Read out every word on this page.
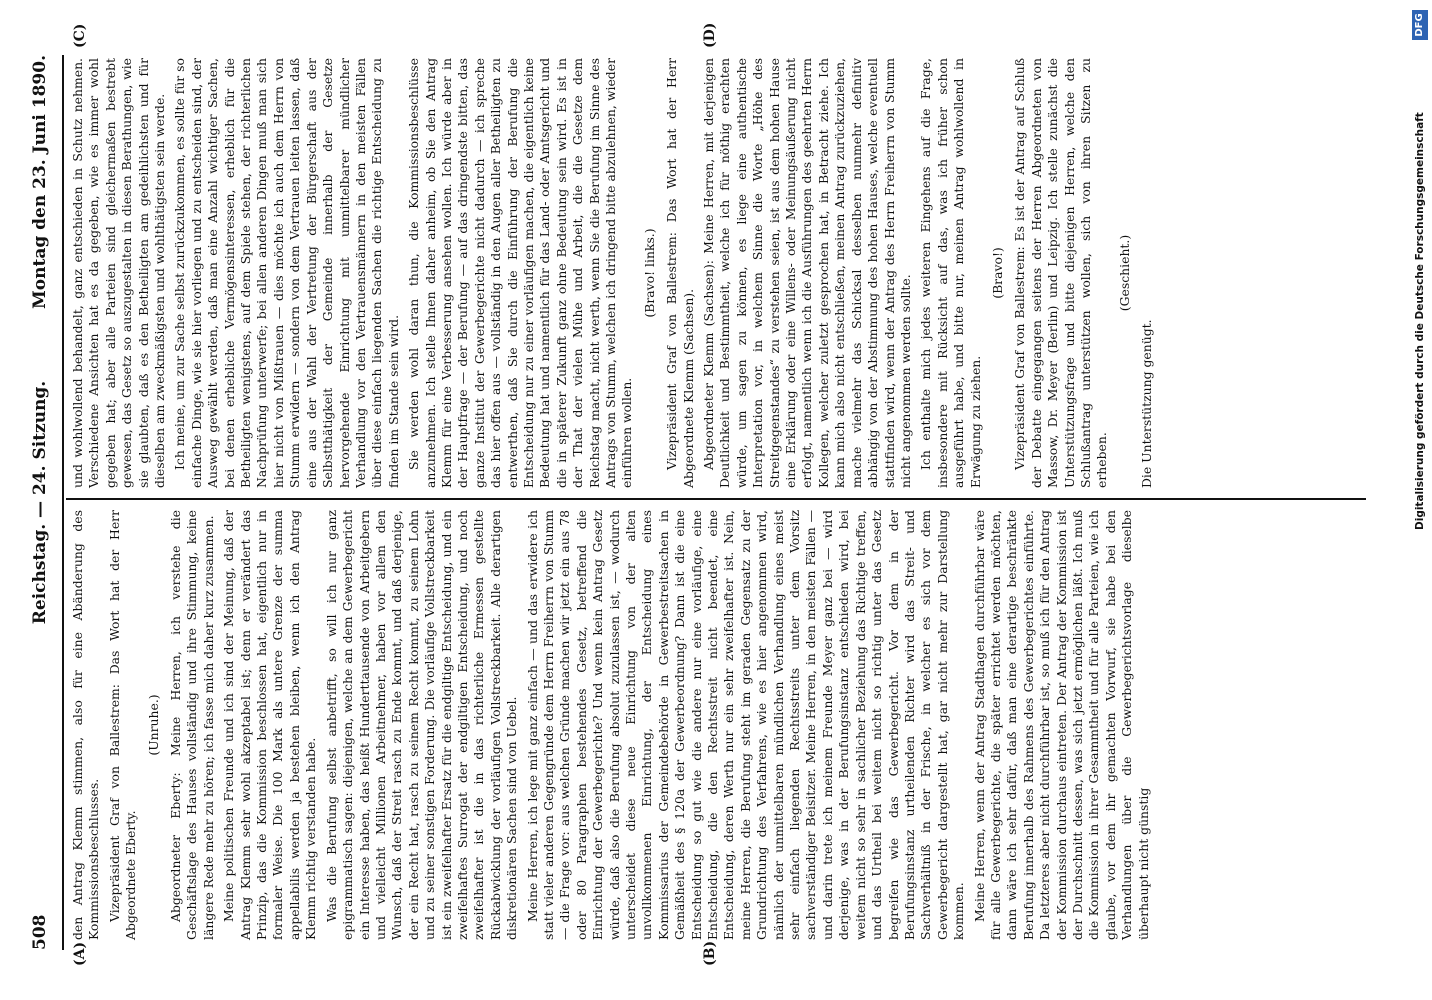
508
Reichstag. — 24. Sitzung.
Montag den 23. Juni 1890.
(A)	(B)
(C)	(D)

den Antrag Klemm stimmen, also für eine Abänderung des Kommissionsbeschlusses. Vizepräsident Graf von Ballestrem: Das Wort hat der Herr Abgeordnete Eberty.

(Unruhe.) Abgeordneter Eberty: Meine Herren, ich verstehe die Geschäftslage des Hauses vollständig und ihre Stimmung, keine längere Rede mehr zu hören; ich fasse mich daher kurz zusammen. Meine politischen Freunde und ich sind der Meinung, daß der Antrag Klemm sehr wohl akzeptabel ist; denn er verändert das Prinzip, das die Kommission beschlossen hat, eigentlich nur in formaler Weise. Die 100 Mark als untere Grenze der summa appellabilis werden ja bestehen bleiben, wenn ich den Antrag Klemm richtig verstanden habe. Was die Berufung selbst anbetrifft, so will ich nur ganz epigrammatisch sagen: diejenigen, welche an dem Gewerbegericht ein Interesse haben, das heißt Hunderttausende von Arbeitgebern und vielleicht Millionen Arbeitnehmer, haben vor allem den Wunsch, daß der Streit rasch zu Ende kommt, und daß derjenige, der ein Recht hat, rasch zu seinem Recht kommt, zu seinem Lohn und zu seiner sonstigen Forderung. Die vorläufige Vollstreckbarkeit ist ein zweifelhafter Ersatz für die endgiltige Entscheidung, und ein zweifelhaftes Surrogat der endgiltigen Entscheidung, und noch zweifelhafter ist die in das richterliche Ermessen gestellte Rückabwicklung der vorläufigen Vollstreckbarkeit. Alle derartigen diskretionären Sachen sind von Uebel. Meine Herren, ich lege mit ganz einfach — und das erwidere ich statt vieler anderen Gegengründe dem Herrn Freiherrn von Stumm — die Frage vor: aus welchen Gründe machen wir jetzt ein aus 78 oder 80 Paragraphen bestehendes Gesetz, betreffend die Einrichtung der Gewerbegerichte? Und wenn kein Antrag Gesetz würde, daß also die Berufung absolut zuzulassen ist, — wodurch unterscheidet diese neue Einrichtung von der alten unvollkommenen Einrichtung, der Entscheidung eines Kommissarius der Gemeindebehörde in Gewerbestreitsachen in Gemäßheit des § 120a der Gewerbeordnung? Dann ist die eine Entscheidung so gut wie die andere nur eine vorläufige, eine Entscheidung, die den Rechtsstreit nicht beendet, eine Entscheidung, deren Werth nur ein sehr zweifelhafter ist. Nein, meine Herren, die Berufung steht im geraden Gegensatz zu der Grundrichtung des Verfahrens, wie es hier angenommen wird, nämlich der unmittelbaren mündlichen Verhandlung eines meist sehr einfach liegenden Rechtsstreits unter dem Vorsitz sachverständiger Beisitzer. Meine Herren, in den meisten Fällen — und darin trete ich meinem Freunde Meyer ganz bei — wird derjenige, was in der Berufungsinstanz entschieden wird, bei weitem nicht so sehr in sachlicher Beziehung das Richtige treffen, und das Urtheil bei weitem nicht so richtig unter das Gesetz begreifen wie das Gewerbegericht. Vor dem in der Berufungsinstanz urtheilenden Richter wird das Streit- und Sachverhältniß in der Frische, in welcher es sich vor dem Gewerbegericht dargestellt hat, gar nicht mehr zur Darstellung kommen. Meine Herren, wenn der Antrag Stadthagen durchführbar wäre für alle Gewerbegerichte, die später errichtet werden möchten, dann wäre ich sehr dafür, daß man eine derartige beschränkte Berufung innerhalb des Rahmens des Gewerbegerichtes einführte. Da letzteres aber nicht durchführbar ist, so muß ich für den Antrag der Kommission durchaus eintreten. Der Antrag der Kommission ist der Durchschnitt dessen, was sich jetzt ermöglichen läßt. Ich muß die Kommission in ihrer Gesammtheit und für alle Parteien, wie ich glaube, vor dem ihr gemachten Vorwurf, sie habe bei den Verhandlungen über die Gewerbegerichtsvorlage dieselbe überhaupt nicht günstig

und wohlwollend behandelt, ganz entschieden in Schutz nehmen. Verschiedene Ansichten hat es da gegeben, wie es immer wohl gegeben hat; aber alle Parteien sind gleichermaßen bestrebt gewesen, das Gesetz so auszugestalten in diesen Berathungen, wie sie glaubten, daß es den Betheiligten am gedeihlichsten und für dieselben am zweckmäßigsten und wohlthätigsten sein werde. Ich meine, um zur Sache selbst zurückzukommen, es sollte für so einfache Dinge, wie sie hier vorliegen und zu entscheiden sind, der Ausweg gewählt werden, daß man eine Anzahl wichtiger Sachen, bei denen erhebliche Vermögensinteressen, erheblich für die Betheiligten wenigstens, auf dem Spiele stehen, der richterlichen Nachprüfung unterwerfe; bei allen anderen Dingen muß man sich hier nicht von Mißtrauen — dies möchte ich auch dem Herrn von Stumm erwidern — sondern von dem Vertrauen leiten lassen, daß eine aus der Wahl der Vertretung der Bürgerschaft aus der Selbstthätigkeit der Gemeinde innerhalb der Gesetze hervorgehende Einrichtung mit unmittelbarer mündlicher Verhandlung vor den Vertrauensmännern in den meisten Fällen über diese einfach liegenden Sachen die richtige Entscheidung zu finden im Stande sein wird. Sie werden wohl daran thun, die Kommissionsbeschlüsse anzunehmen. Ich stelle Ihnen daher anheim, ob Sie den Antrag Klemm für eine Verbesserung ansehen wollen. Ich würde aber in der Hauptfrage — der Berufung — auf das dringendste bitten, das ganze Institut der Gewerbegerichte nicht dadurch — ich spreche das hier offen aus — vollständig in den Augen aller Betheiligten zu entwerthen, daß Sie durch die Einführung der Berufung die Entscheidung nur zu einer vorläufigen machen, die eigentlich keine Bedeutung hat und namentlich für das Land- oder Amtsgericht und die in späterer Zukunft ganz ohne Bedeutung sein wird. Es ist in der That der vielen Mühe und Arbeit, die die Gesetze dem Reichstag macht, nicht werth, wenn Sie die Berufung im Sinne des Antrags von Stumm, welchen ich dringend bitte abzulehnen, wieder einführen wollen.

(Bravo! links.) Vizepräsident Graf von Ballestrem: Das Wort hat der Herr Abgeordnete Klemm (Sachsen). Abgeordneter Klemm (Sachsen): Meine Herren, mit derjenigen Deutlichkeit und Bestimmtheit, welche ich für nöthig erachten würde, um sagen zu können, es liege eine authentische Interpretation vor, in welchem Sinne die Worte „Höhe des Streitgegenstandes“ zu verstehen seien, ist aus dem hohen Hause eine Erklärung oder eine Willens- oder Meinungsäußerung nicht erfolgt, namentlich wenn ich die Ausführungen des geehrten Herrn Kollegen, welcher zuletzt gesprochen hat, in Betracht ziehe. Ich kann mich also nicht entschließen, meinen Antrag zurückzuziehen, mache vielmehr das Schicksal desselben nunmehr definitiv abhängig von der Abstimmung des hohen Hauses, welche eventuell stattfinden wird, wenn der Antrag des Herrn Freiherrn von Stumm nicht angenommen werden sollte. Ich enthalte mich jedes weiteren Eingehens auf die Frage, insbesondere mit Rücksicht auf das, was ich früher schon ausgeführt habe, und bitte nur, meinen Antrag wohlwollend in Erwägung zu ziehen.

(Bravo!) Vizepräsident Graf von Ballestrem: Es ist der Antrag auf Schluß der Debatte eingegangen seitens der Herren Abgeordneten von Massow, Dr. Meyer (Berlin) und Leipzig. Ich stelle zunächst die Unterstützungsfrage und bitte diejenigen Herren, welche den Schlußantrag unterstützen wollen, sich von ihren Sitzen zu erheben.

(Geschieht.)

Die Unterstützung genügt.	Digitalisierung gefördert durch die Deutsche Forschungsgemeinschaft
DFG
